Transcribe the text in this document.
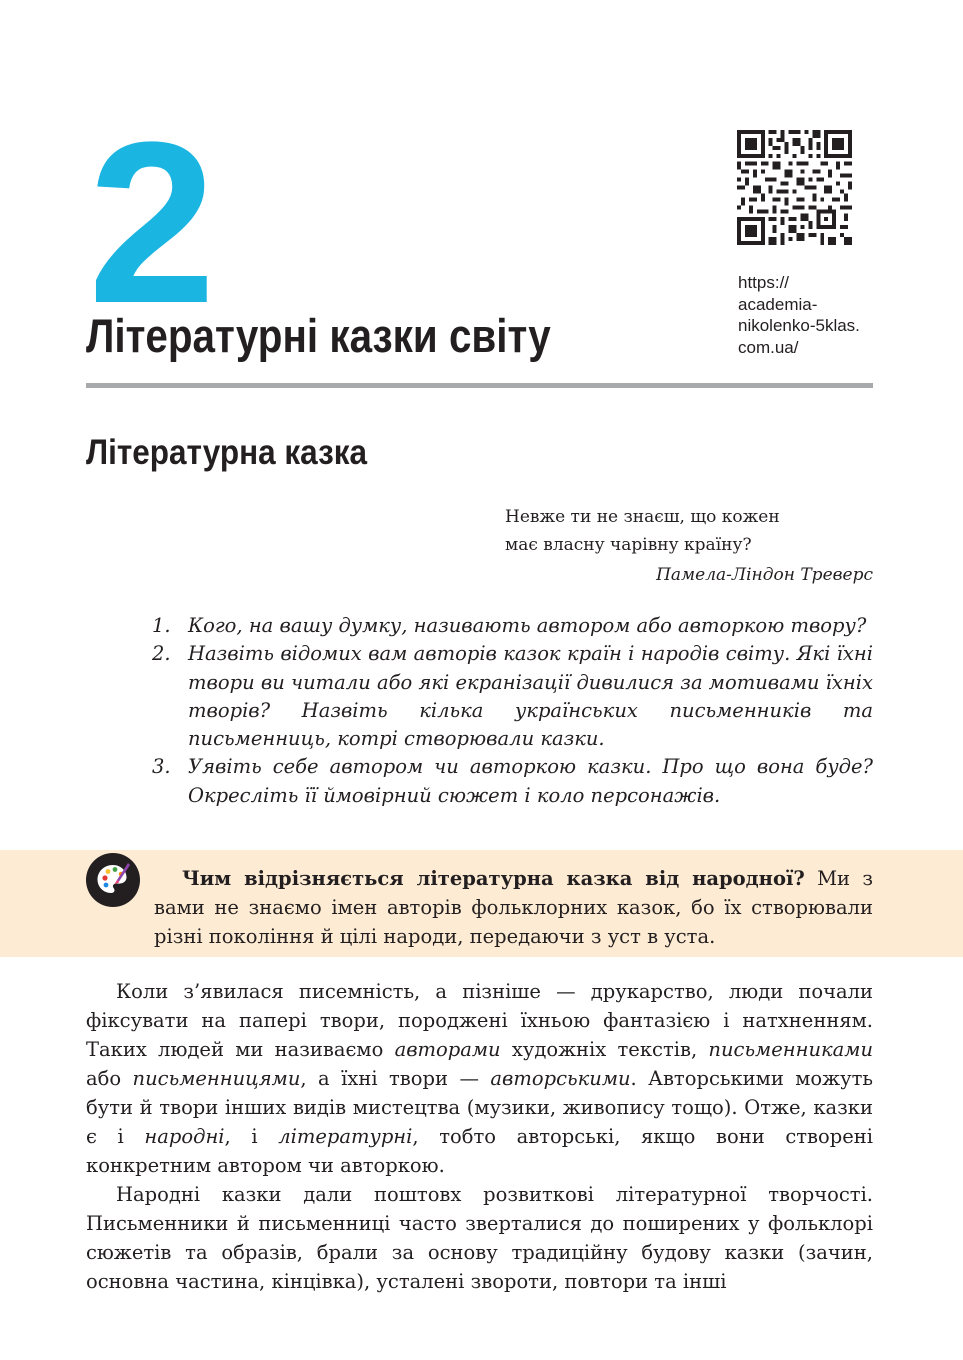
2
Літературні казки світу
https://
academia-
nikolenko-5klas.
com.ua/
Літературна казка
Невже ти не знаєш, що кожен
має власну чарівну країну?
Памела-Ліндон Треверс
1. Кого, на вашу думку, називають автором або авторкою твору?
2. Назвіть відомих вам авторів казок країн і народів світу. Які їхні твори ви читали або які екранізації дивилися за мотивами їхніх творів? Назвіть кілька українських письменників та письменниць, котрі створювали казки.
3. Уявіть себе автором чи авторкою казки. Про що вона буде? Окресліть її ймовірний сюжет і коло персонажів.
Чим відрізняється літературна казка від народної? Ми з вами не знаємо імен авторів фольклорних казок, бо їх створювали різні покоління й цілі народи, передаючи з уст в уста.

Коли з’явилася писемність, а пізніше — друкарство, люди почали фіксувати на папері твори, породжені їхньою фантазією і натхненням. Таких людей ми називаємо авторами художніх текстів, письменниками або письменницями, а їхні твори — авторськими. Авторськими можуть бути й твори інших видів мистецтва (музики, живопису тощо). Отже, казки є і народні, і літературні, тобто авторські, якщо вони створені конкретним автором чи авторкою.

Народні казки дали поштовх розвиткові літературної творчості. Письменники й письменниці часто зверталися до поширених у фольклорі сюжетів та образів, брали за основу традиційну будову казки (зачин, основна частина, кінцівка), усталені звороти, повтори та інші
